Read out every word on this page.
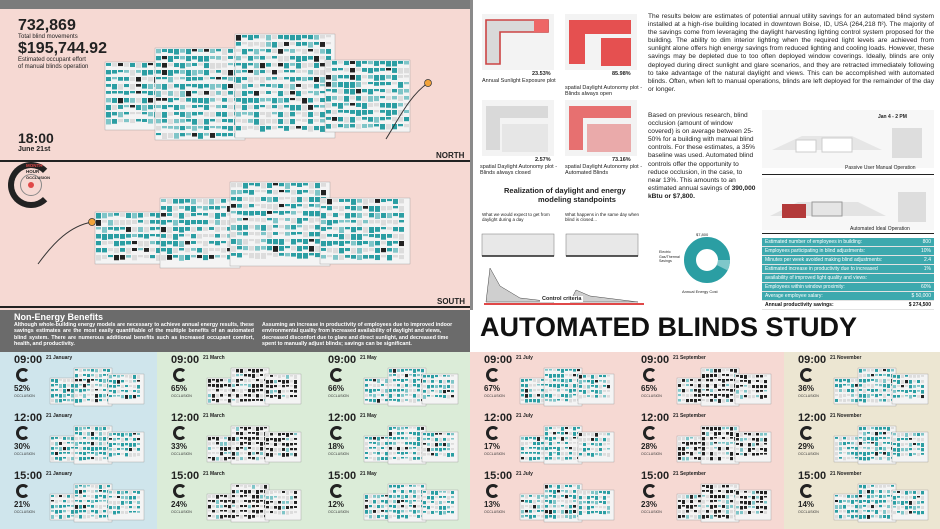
732,869
Total blind movements
$195,744.92
Estimated occupant effort
of manual blinds operation
18:00
June 21st
MONTH
HOUR
OCCLUSION
NORTH
SOUTH
Non-Energy Benefits
Although whole-building energy models are necessary to achieve annual energy results, these savings estimates are the most easily quantifiable of the multiple benefits of an automated blind system. There are numerous additional benefits such as increased occupant comfort, health, and productivity.
Assuming an increase in productivity of employees due to improved indoor environmental quality from increased availability of daylight and views, decreased disconfort due to glare and direct sunlight, and decreased time spent to manually adjust blinds; savings can be significant.
23.53%
Annual Sunlight Exposure plot
85.98%
spatial Daylight Autonomy plot - Blinds always open
2.57%
spatial Daylight Autonomy plot - Blinds always closed
73.16%
spatial Daylight Autonomy plot - Automated Blinds
Realization of daylight and energy
modeling standpoints
What we would expect to get from daylight during a day
What happens in the same day when blind is closed...
Control criteria
$7,800
Electric
Gas/Thermal
Savings
Annual Energy Cost
The results below are estimates of potential annual utility savings for an automated blind system installed at a high-rise building located in downtown Boise, ID, USA (264,218 ft²). The majority of the savings come from leveraging the daylight harvesting lighting control system proposed for the building. The ability to dim interior lighting when the required light levels are achieved from sunlight alone offers high energy savings from reduced lighting and cooling loads. However, these savings may be depleted due to too often deployed window coverings. Ideally, blinds are only deployed during direct sunlight and glare scenarios, and they are retracted immediately following to take advantage of the natural daylight and views. This can be accomplished with automated blinds. Often, when left to manual operations, blinds are left deployed for the remainder of the day or longer.
Based on previous research, blind occlusion (amount of window covered) is on average between 25-50% for a building with manual blind controls. For these estimates, a 35% baseline was used. Automated blind controls offer the opportunity to reduce occlusion, in the case, to near 13%. This amounts to an estimated annual savings of 390,000 kBtu or $7,800.
Jan 4 - 2 PM
Passive User Manual Operation
Automated Ideal Operation
Estimated number of employees in building:	800
Employees participating in blind adjustments:	10%
Minutes per week avoided making blind adjustments:	2.4
Estimated increase in productivity due to increased	1%
availability of improved light quality and views:	
Employees within window proximity:	60%
Average employee salary:	$ 50,000
Annual productivity savings:	$ 274,500
AUTOMATED BLINDS STUDY
09:00 21 January
52%
OCCLUSION
12:00 21 January
30%
OCCLUSION
15:00 21 January
21%
OCCLUSION
09:00 21 March
65%
OCCLUSION
12:00 21 March
33%
OCCLUSION
15:00 21 March
24%
OCCLUSION
09:00 21 May
66%
OCCLUSION
12:00 21 May
18%
OCCLUSION
15:00 21 May
12%
OCCLUSION
09:00 21 July
67%
OCCLUSION
12:00 21 July
17%
OCCLUSION
15:00 21 July
13%
OCCLUSION
09:00 21 September
65%
OCCLUSION
12:00 21 September
28%
OCCLUSION
15:00 21 September
23%
OCCLUSION
09:00 21 November
36%
OCCLUSION
12:00 21 November
29%
OCCLUSION
15:00 21 November
14%
OCCLUSION
